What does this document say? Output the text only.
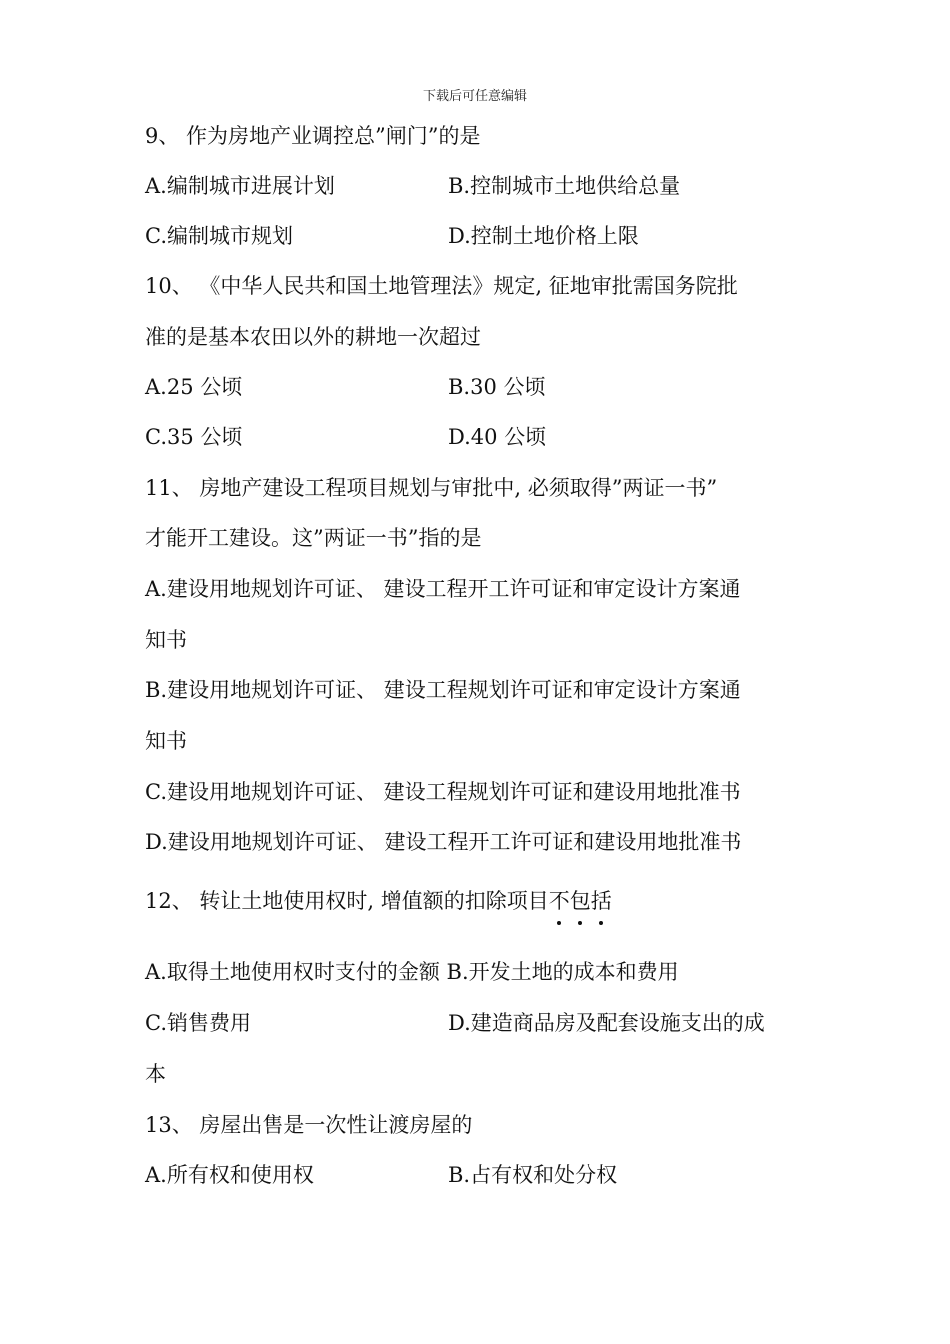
下载后可任意编辑
9、 作为房地产业调控总”闸门”的是
A.编制城市进展计划	B.控制城市土地供给总量
C.编制城市规划	D.控制土地价格上限
10、 《中华人民共和国土地管理法》规定, 征地审批需国务院批
准的是基本农田以外的耕地一次超过
A.25 公顷	B.30 公顷
C.35 公顷	D.40 公顷
11、 房地产建设工程项目规划与审批中, 必须取得”两证一书”
才能开工建设。这”两证一书”指的是
A.建设用地规划许可证、 建设工程开工许可证和审定设计方案通
知书
B.建设用地规划许可证、 建设工程规划许可证和审定设计方案通
知书
C.建设用地规划许可证、 建设工程规划许可证和建设用地批准书
D.建设用地规划许可证、 建设工程开工许可证和建设用地批准书
12、 转让土地使用权时, 增值额的扣除项目不
包
括
A.取得土地使用权时支付的金额 B.开发土地的成本和费用
C.销售费用	D.建造商品房及配套设施支出的成
本
13、 房屋出售是一次性让渡房屋的
A.所有权和使用权	B.占有权和处分权
